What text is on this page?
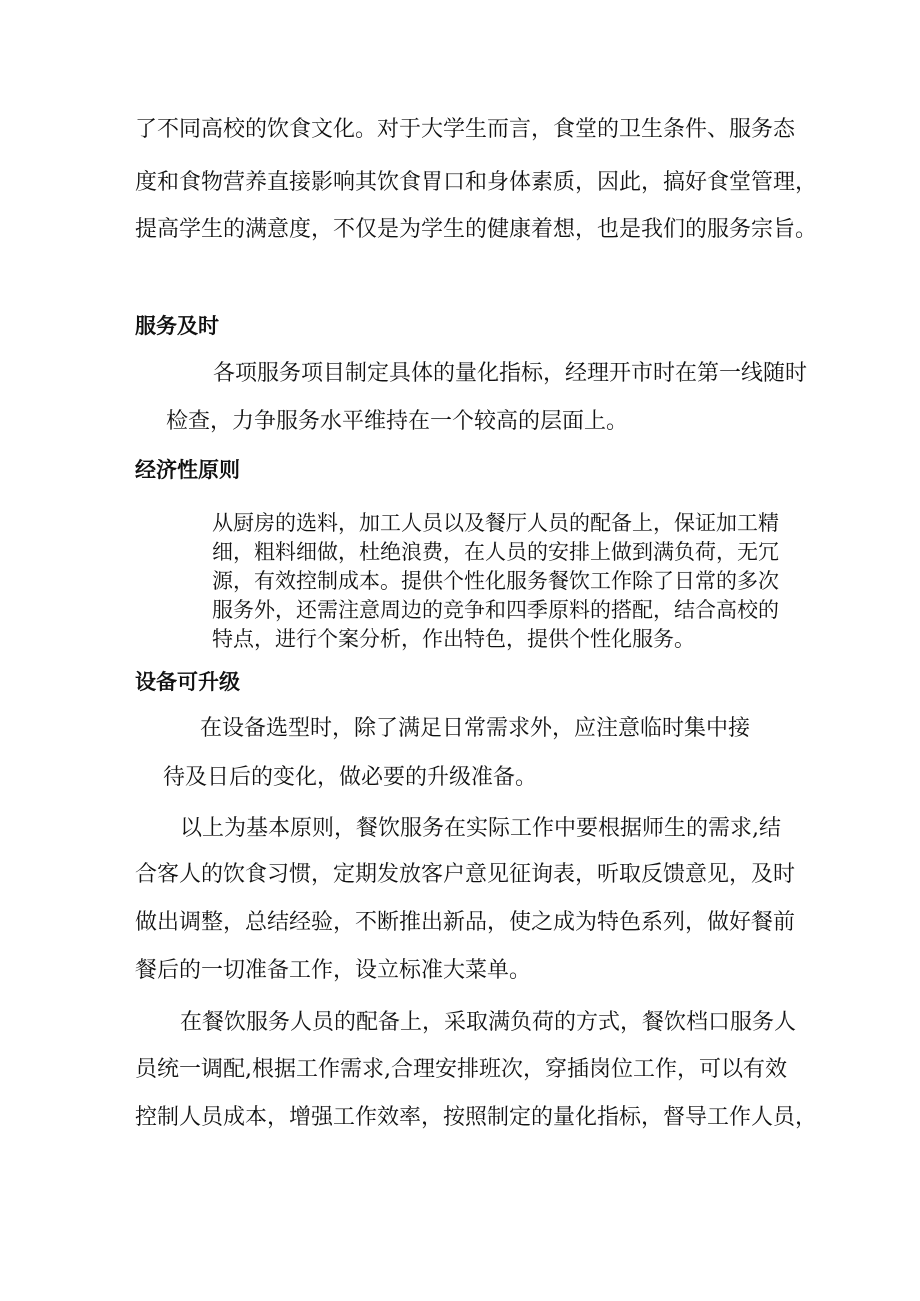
了不同高校的饮食文化。对于大学生而言，食堂的卫生条件、服务态
度和食物营养直接影响其饮食胃口和身体素质，因此，搞好食堂管理，
提高学生的满意度，不仅是为学生的健康着想，也是我们的服务宗旨。
服务及时
各项服务项目制定具体的量化指标，经理开市时在第一线随时
检查，力争服务水平维持在一个较高的层面上。
经济性原则
从厨房的选料，加工人员以及餐厅人员的配备上，保证加工精
细，粗料细做，杜绝浪费，在人员的安排上做到满负荷，无冗
源，有效控制成本。提供个性化服务餐饮工作除了日常的多次
服务外，还需注意周边的竞争和四季原料的搭配，结合高校的
特点，进行个案分析，作出特色，提供个性化服务。
设备可升级
在设备选型时，除了满足日常需求外，应注意临时集中接
待及日后的变化，做必要的升级准备。
以上为基本原则，餐饮服务在实际工作中要根据师生的需求,结
合客人的饮食习惯，定期发放客户意见征询表，听取反馈意见，及时
做出调整，总结经验，不断推出新品，使之成为特色系列，做好餐前
餐后的一切准备工作，设立标准大菜单。
在餐饮服务人员的配备上，采取满负荷的方式，餐饮档口服务人
员统一调配,根据工作需求,合理安排班次，穿插岗位工作，可以有效
控制人员成本，增强工作效率，按照制定的量化指标，督导工作人员，
